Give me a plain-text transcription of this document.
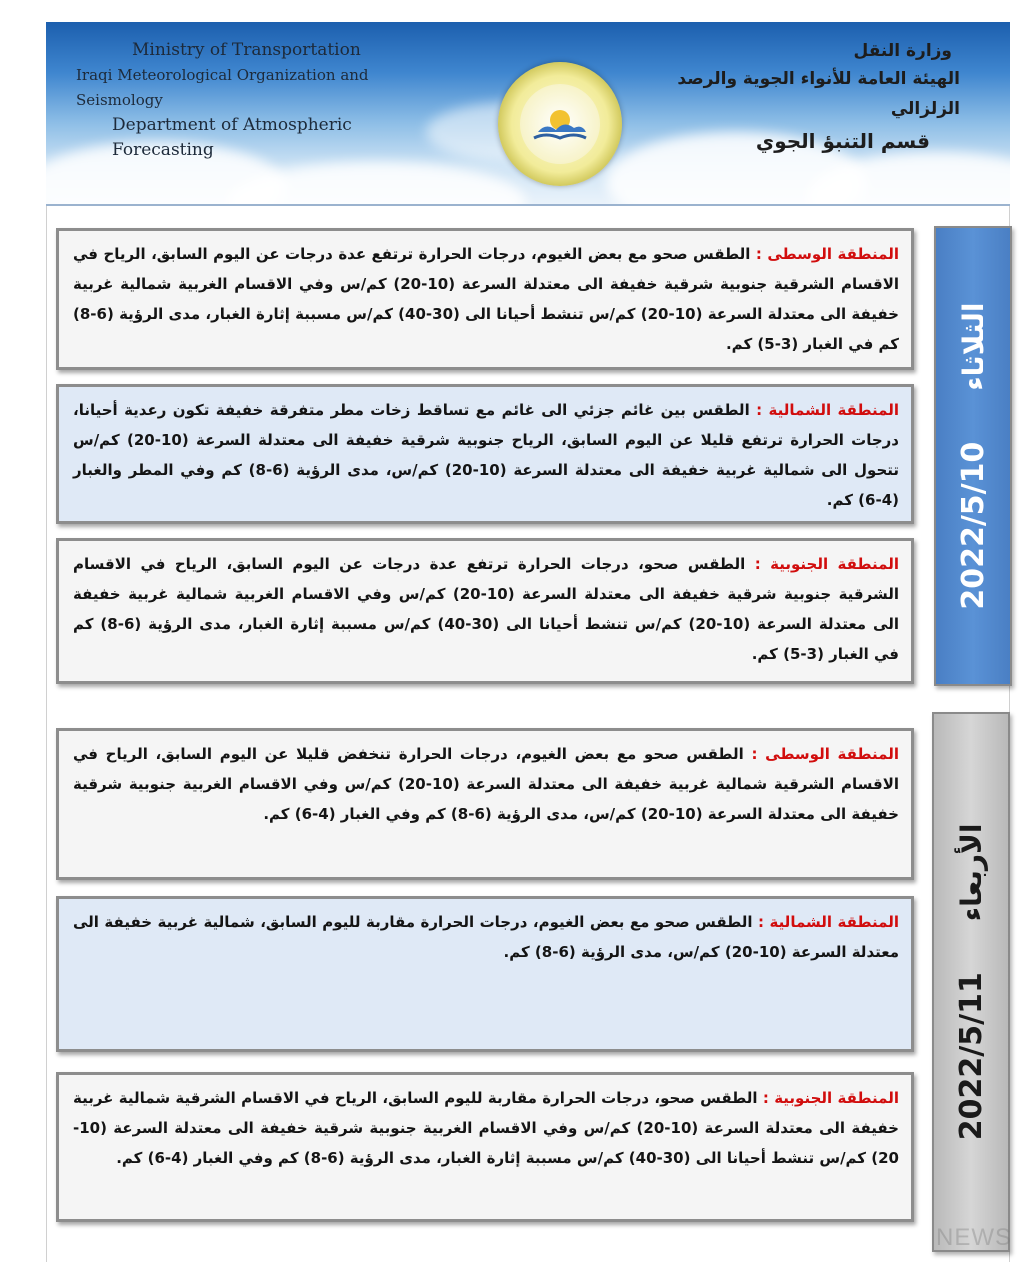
Ministry of Transportation
Iraqi Meteorological Organization and Seismology
Department of Atmospheric Forecasting
وزارة النقل
الهيئة العامة للأنواء الجوية والرصد الزلزالي
قسم التنبؤ الجوي
2022/5/10 الثلاثاء
المنطقة الوسطى : الطقس صحو مع بعض الغيوم، درجات الحرارة ترتفع عدة درجات عن اليوم السابق، الرياح في الاقسام الشرقية جنوبية شرقية خفيفة الى معتدلة السرعة (10-20) كم/س وفي الاقسام الغربية شمالية غربية خفيفة الى معتدلة السرعة (10-20) كم/س تنشط أحيانا الى (30-40) كم/س مسببة إثارة الغبار، مدى الرؤية (6-8) كم في الغبار (3-5) كم.
المنطقة الشمالية : الطقس بين غائم جزئي الى غائم مع تساقط زخات مطر متفرقة خفيفة تكون رعدية أحيانا، درجات الحرارة ترتفع قليلا عن اليوم السابق، الرياح جنوبية شرقية خفيفة الى معتدلة السرعة (10-20) كم/س تتحول الى شمالية غربية خفيفة الى معتدلة السرعة (10-20) كم/س، مدى الرؤية (6-8) كم وفي المطر والغبار (4-6) كم.
المنطقة الجنوبية : الطقس صحو، درجات الحرارة ترتفع عدة درجات عن اليوم السابق، الرياح في الاقسام الشرقية جنوبية شرقية خفيفة الى معتدلة السرعة (10-20) كم/س وفي الاقسام الغربية شمالية غربية خفيفة الى معتدلة السرعة (10-20) كم/س تنشط أحيانا الى (30-40) كم/س مسببة إثارة الغبار، مدى الرؤية (6-8) كم في الغبار (3-5) كم.
2022/5/11 الأربعاء
المنطقة الوسطى : الطقس صحو مع بعض الغيوم، درجات الحرارة تنخفض قليلا عن اليوم السابق، الرياح في الاقسام الشرقية شمالية غربية خفيفة الى معتدلة السرعة (10-20) كم/س وفي الاقسام الغربية جنوبية شرقية خفيفة الى معتدلة السرعة (10-20) كم/س، مدى الرؤية (6-8) كم وفي الغبار (4-6) كم.
المنطقة الشمالية : الطقس صحو مع بعض الغيوم، درجات الحرارة مقاربة لليوم السابق، شمالية غربية خفيفة الى معتدلة السرعة (10-20) كم/س، مدى الرؤية (6-8) كم.
المنطقة الجنوبية : الطقس صحو، درجات الحرارة مقاربة لليوم السابق، الرياح في الاقسام الشرقية شمالية غربية خفيفة الى معتدلة السرعة (10-20) كم/س وفي الاقسام الغربية جنوبية شرقية خفيفة الى معتدلة السرعة (10-20) كم/س تنشط أحيانا الى (30-40) كم/س مسببة إثارة الغبار، مدى الرؤية (6-8) كم وفي الغبار (4-6) كم.
NEWS
